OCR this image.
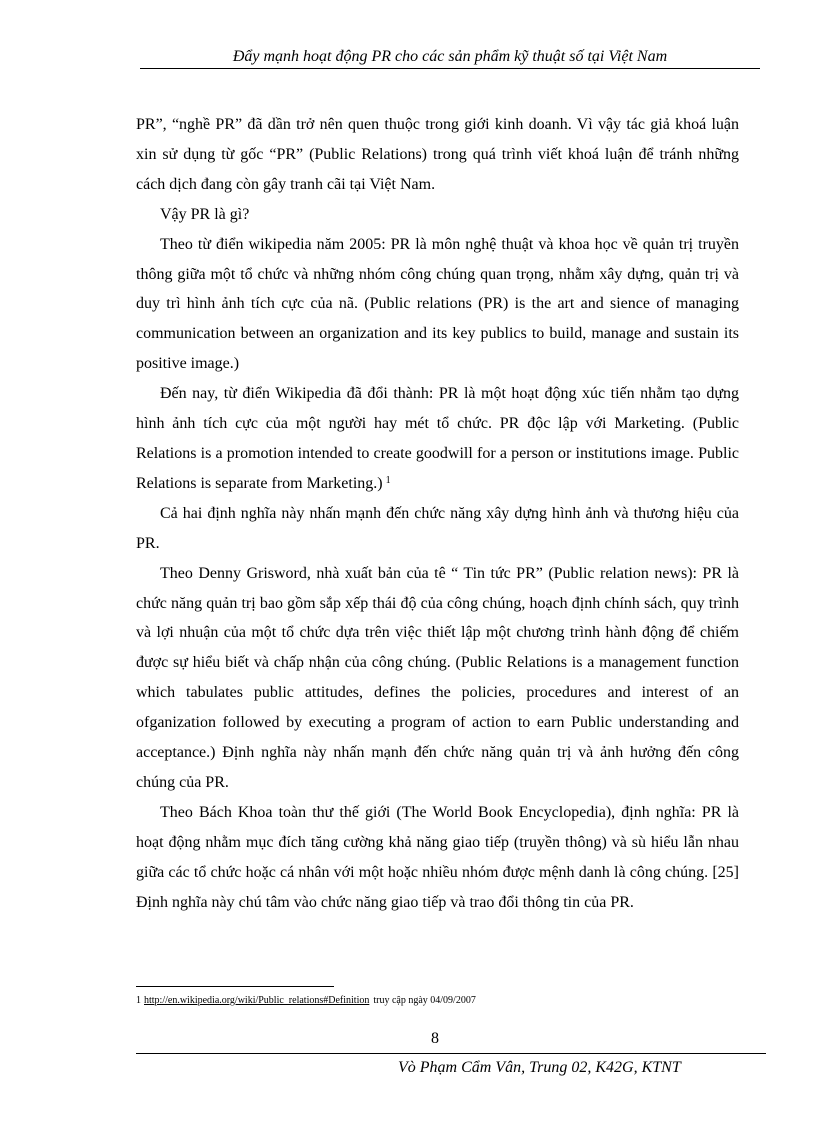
Đẩy mạnh hoạt động PR cho các sản phẩm kỹ thuật số tại Việt Nam

PR”, “nghề PR” đã dần trở nên quen thuộc trong giới kinh doanh. Vì vậy tác giả khoá luận xin sử dụng từ gốc “PR” (Public Relations) trong quá trình viết khoá luận để tránh những cách dịch đang còn gây tranh cãi tại Việt Nam.

Vậy PR là gì?

Theo từ điển wikipedia năm 2005: PR là môn nghệ thuật và khoa học về quản trị truyền thông giữa một tổ chức và những nhóm công chúng quan trọng, nhằm xây dựng, quản trị và duy trì hình ảnh tích cực của nã. (Public relations (PR) is the art and sience of managing communication between an organization and its key publics to build, manage and sustain its positive image.)

Đến nay, từ điển Wikipedia đã đổi thành: PR là một hoạt động xúc tiến nhằm tạo dựng hình ảnh tích cực của một người hay mét tổ chức. PR độc lập với Marketing. (Public Relations is a promotion intended to create goodwill for a person or institutions image. Public Relations is separate from Marketing.) $^1$

Cả hai định nghĩa này nhấn mạnh đến chức năng xây dựng hình ảnh và thương hiệu của PR.

Theo Denny Grisword, nhà xuất bản của tê “ Tin tức PR” (Public relation news): PR là chức năng quản trị bao gồm sắp xếp thái độ của công chúng, hoạch định chính sách, quy trình và lợi nhuận của một tổ chức dựa trên việc thiết lập một chương trình hành động để chiếm được sự hiểu biết và chấp nhận của công chúng. (Public Relations is a management function which tabulates public attitudes, defines the policies, procedures and interest of an ofganization followed by executing a program of action to earn Public understanding and acceptance.) Định nghĩa này nhấn mạnh đến chức năng quản trị và ảnh hưởng đến công chúng của PR.

Theo Bách Khoa toàn thư thế giới (The World Book Encyclopedia), định nghĩa: PR là hoạt động nhằm mục đích tăng cường khả năng giao tiếp (truyền thông) và sù hiểu lẫn nhau giữa các tổ chức hoặc cá nhân với một hoặc nhiều nhóm được mệnh danh là công chúng. [25] Định nghĩa này chú tâm vào chức năng giao tiếp và trao đổi thông tin của PR.

1 http://en.wikipedia.org/wiki/Public_relations#Definition truy cập ngày 04/09/2007
8
Vò Phạm Cẩm Vân, Trung 02, K42G, KTNT
